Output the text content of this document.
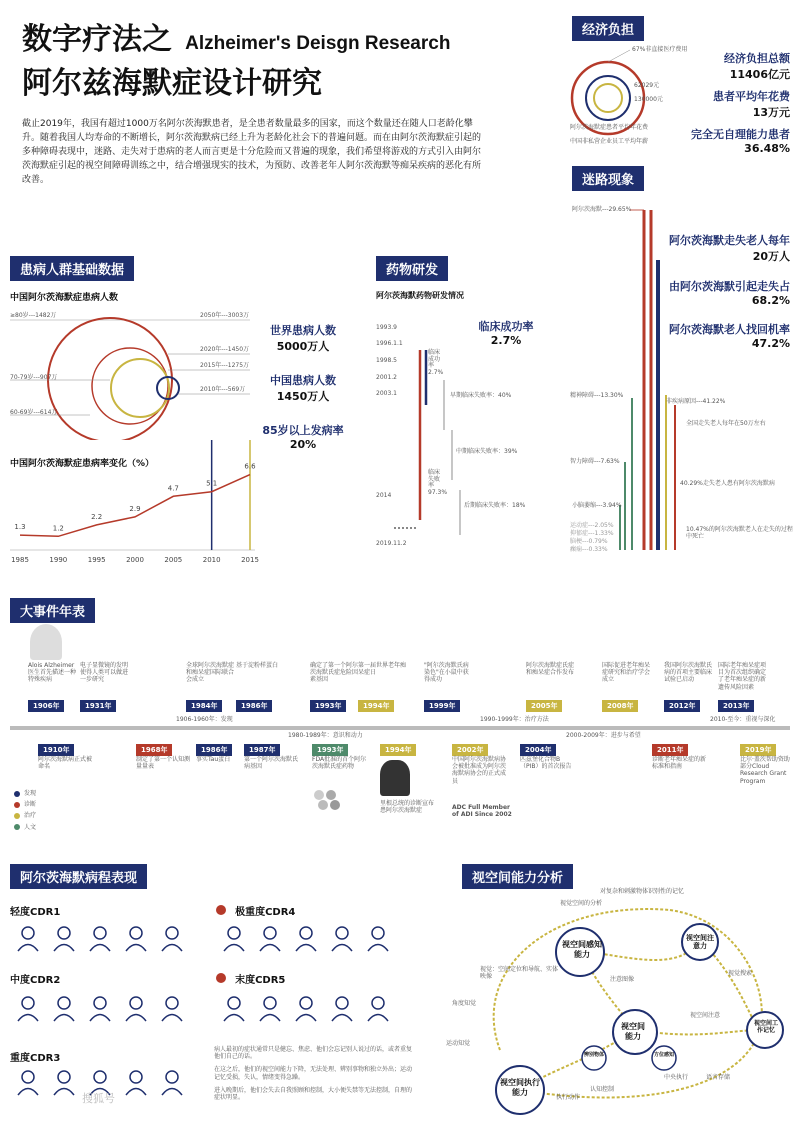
数字疗法之 Alzheimer's Deisgn Research
阿尔兹海默症设计研究
截止2019年，我国有超过1000万名阿尔茨海默患者，是全患者数量最多的国家，而这个数量还在随人口老龄化攀升。随着我国人均寿命的不断增长，阿尔茨海默病已经上升为老龄化社会下的普遍问题。而在由阿尔茨海默症引起的多种障碍表现中，迷路、走失对于患病的老人而言更是十分危险而又普遍的现象，我们希望将游戏的方式引入由阿尔茨海默症引起的视空间障碍训练之中，结合增强现实的技术，为预防、改善老年人阿尔茨海默等痴呆疾病的恶化有所改善。
经济负担
67%非直接医疗费用
62029元
130000元
阿尔茨海默症患者平均年花费
中国非私营企业员工平均年薪
经济负担总额
11406亿元
患者平均年花费
13万元
完全无自理能力患者
36.48%
迷路现象
阿尔茨海默---29.65%
精神障碍---13.30%
智力障碍---7.63%
小脑萎缩---3.94%
运动症---2.05%
抑郁症---1.33%
脑梗---0.79%
癫痫---0.33%
非疾病原因---41.22%
全国走失老人每年在50万左右
40.29%走失老人患有阿尔茨海默病
10.47%的阿尔茨海默老人在走失的过程中死亡
阿尔茨海默走失老人每年
20万人
由阿尔茨海默引起走失占
68.2%
阿尔茨海默老人找回机率
47.2%
患病人群基础数据
中国阿尔茨海默症患病人数
≥80岁---1482万
70-79岁---907万
60-69岁---614万
2050年---3003万
2020年---1450万
2015年---1275万
2010年---569万
世界患病人数
5000万人
中国患病人数
1450万人
85岁以上发病率
20%
中国阿尔茨海默症患病率变化（%）
1.3
1985
1.2
1990
2.2
1995
2.9
2000
4.7
2005
5.1
2010
6.6
2015
药物研发
阿尔茨海默药物研发情况
1993.9
1996.1.1
1998.5
2001.2
2003.1
2014
2019.11.2
临床成功率 2.7%
早期临床失败率：40%
中期临床失败率：39%
后期临床失败率：18%
临床失败率 97.3%
临床成功率
2.7%
大事件年表
Alois Alzheimer医生首先描述一种特殊疾病
1906年
电子显微镜的发明使得人类可以做进一步研究
1931年
全球阿尔茨海默症和痴呆症国际联合会成立
1984年
基于淀粉样蛋白
1986年
确定了第一个阿尔茨海默氏症危险因素基因
1993年
第一届世界老年痴呆症日
1994年
"阿尔茨海默氏病染色"在小鼠中获得成功
1999年
阿尔茨海默症氏症和痴呆症合作发布
2005年
国际促进老年痴呆症研究和治疗学会成立
2008年
我国阿尔茨海默氏病的首项主要临床试验已启动
2012年
国际老年痴呆症项目为首次组织确定了老年痴呆症的新遗传风险因素
2013年
1906-1960年：发现
1980-1989年：意识和动力
1990-1999年：治疗方法
2000-2009年：进步与希望
2010-至今：重视与深化
1910年
阿尔茨海默病正式被命名
1968年
制定了第一个认知测量量表
1986年
事实Tau蛋白
1987年
第一个阿尔茨海默氏病基因
1993年
FDA批准的首个阿尔茨海默氏症药物
1994年
里根总统的诊断宣布患阿尔茨海默症
2002年
中国阿尔茨海默病协会被批准成为阿尔茨海默病协会的正式成员
2004年
匹兹堡化合物B（PIB）的首次报告
2011年
诊断老年痴呆症的新标准和指南
2019年
比尔·盖茨帮助资助部分Cloud Research Grant Program
ADC Full Member of ADI Since 2002
发现
诊断
治疗
人文
阿尔茨海默病程表现
轻度CDR1	极重度CDR4
中度CDR2	末度CDR5
重度CDR3
病人最初的症状通常只是健忘、焦虑、他们会忘记别人说过的话，或者重复他们自己的话。
在这之后，他们的视空间能力下降，无法处理、辨别事物和独立外出；运动记忆受损，失认，情绪变得急躁。
进入晚期后，他们会失去自我照顾和控制，大小便失禁等无法控制，自理的症状明显。
视空间能力分析
视空间感知能力
视空间注意力
视空间能力
视空间执行能力
视空间工作记忆
辨别物体	方位感知
视觉空间的分析
对复杂和刺激物体识别性的记忆
视觉：空间定位和导航、实体映像
角度知觉
运动知觉
视觉搜索
注意图像
视空间注意
中央执行	语音存储
执行动作
认知控制
搜狐号
